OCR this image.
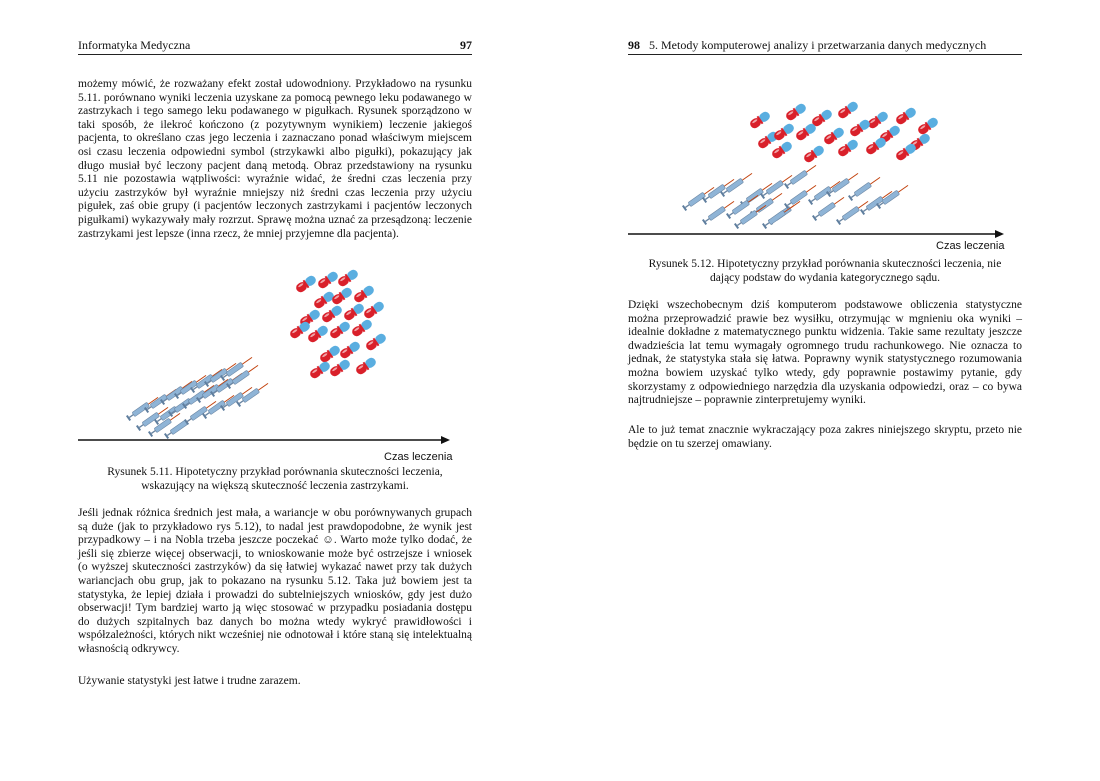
Informatyka Medyczna	97

możemy mówić, że rozważany efekt został udowodniony. Przykładowo na rysunku 5.11. porównano wyniki leczenia uzyskane za pomocą pewnego leku podawanego w zastrzykach i tego samego leku podawanego w pigułkach. Rysunek sporządzono w taki sposób, że ilekroć kończono (z pozytywnym wynikiem) leczenie jakiegoś pacjenta, to określano czas jego leczenia i zaznaczano ponad właściwym miejscem osi czasu leczenia odpowiedni symbol (strzykawki albo pigułki), pokazujący jak długo musiał być leczony pacjent daną metodą. Obraz przedstawiony na rysunku 5.11 nie pozostawia wątpliwości: wyraźnie widać, że średni czas leczenia przy użyciu zastrzyków był wyraźnie mniejszy niż średni czas leczenia przy użyciu pigułek, zaś obie grupy (i pacjentów leczonych zastrzykami i pacjentów leczonych pigułkami) wykazywały mały rozrzut. Sprawę można uznać za przesądzoną: leczenie zastrzykami jest lepsze (inna rzecz, że mniej przyjemne dla pacjenta).

Czas leczenia

Rysunek 5.11. Hipotetyczny przykład porównania skuteczności leczenia,
wskazujący na większą skuteczność leczenia zastrzykami.

Jeśli jednak różnica średnich jest mała, a wariancje w obu porównywanych grupach są duże (jak to przykładowo rys 5.12), to nadal jest prawdopodobne, że wynik jest przypadkowy – i na Nobla trzeba jeszcze poczekać ☺. Warto może tylko dodać, że jeśli się zbierze więcej obserwacji, to wnioskowanie może być ostrzejsze i wniosek (o wyższej skuteczności zastrzyków) da się łatwiej wykazać nawet przy tak dużych wariancjach obu grup, jak to pokazano na rysunku 5.12. Taka już bowiem jest ta statystyka, że lepiej działa i prowadzi do subtelniejszych wniosków, gdy jest dużo obserwacji! Tym bardziej warto ją więc stosować w przypadku posiadania dostępu do dużych szpitalnych baz danych bo można wtedy wykryć prawidłowości i współzależności, których nikt wcześniej nie odnotował i które staną się intelektualną własnością odkrywcy.

Używanie statystyki jest łatwe i trudne zarazem.

98 5. Metody komputerowej analizy i przetwarzania danych medycznych
Czas leczenia

Rysunek 5.12. Hipotetyczny przykład porównania skuteczności leczenia, nie
dający podstaw do wydania kategorycznego sądu.

Dzięki wszechobecnym dziś komputerom podstawowe obliczenia statystyczne można przeprowadzić prawie bez wysiłku, otrzymując w mgnieniu oka wyniki – idealnie dokładne z matematycznego punktu widzenia. Takie same rezultaty jeszcze dwadzieścia lat temu wymagały ogromnego trudu rachunkowego. Nie oznacza to jednak, że statystyka stała się łatwa. Poprawny wynik statystycznego rozumowania można bowiem uzyskać tylko wtedy, gdy poprawnie postawimy pytanie, gdy skorzystamy z odpowiedniego narzędzia dla uzyskania odpowiedzi, oraz – co bywa najtrudniejsze – poprawnie zinterpretujemy wyniki.

Ale to już temat znacznie wykraczający poza zakres niniejszego skryptu, przeto nie będzie on tu szerzej omawiany.
